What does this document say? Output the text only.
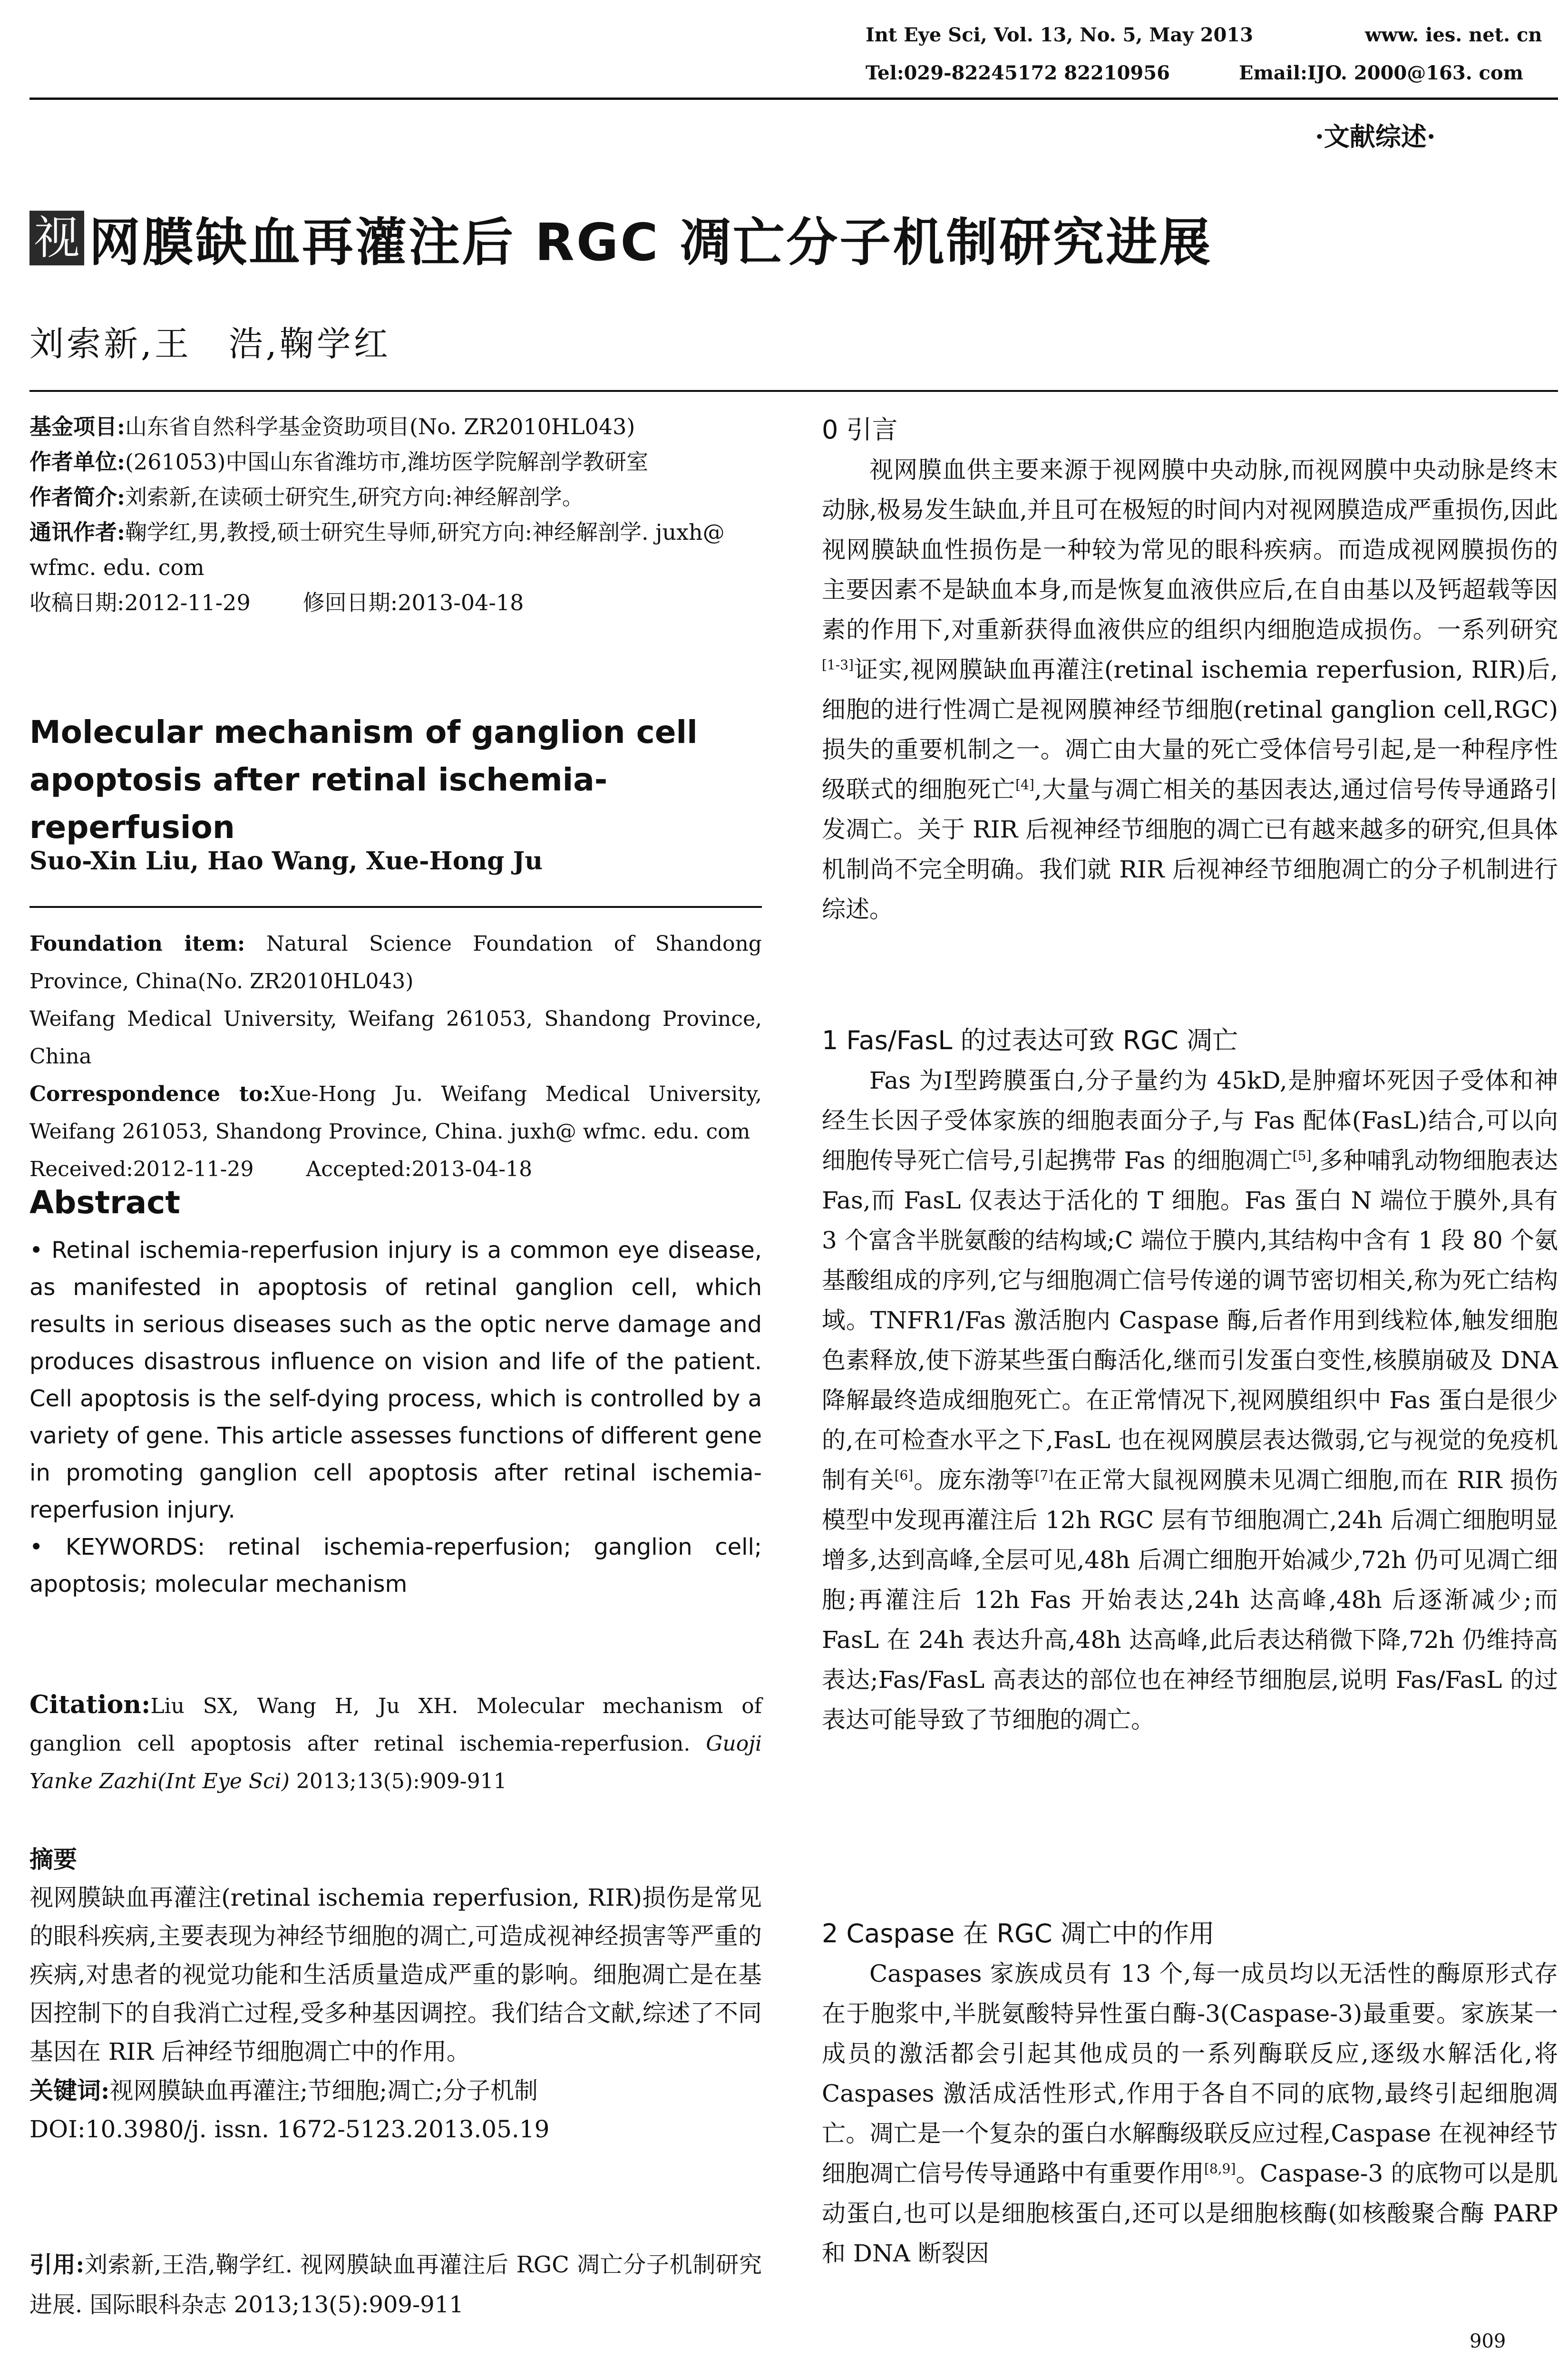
Int Eye Sci, Vol. 13, No. 5, May 2013	www. ies. net. cn
Tel:029-82245172 82210956	Email:IJO. 2000@163. com
·文献综述·
视 网膜缺血再灌注后 RGC 凋亡分子机制研究进展
刘索新,王　浩,鞠学红

基金项目:山东省自然科学基金资助项目(No. ZR2010HL043)

作者单位:(261053)中国山东省潍坊市,潍坊医学院解剖学教研室

作者简介:刘索新,在读硕士研究生,研究方向:神经解剖学。

通讯作者:鞠学红,男,教授,硕士研究生导师,研究方向:神经解剖学. juxh@ wfmc. edu. com

收稿日期:2012-11-29 修回日期:2013-04-18

Molecular mechanism of ganglion cell apoptosis after retinal ischemia-reperfusion
Suo-Xin Liu, Hao Wang, Xue-Hong Ju

Foundation item: Natural Science Foundation of Shandong Province, China(No. ZR2010HL043)

Weifang Medical University, Weifang 261053, Shandong Province, China

Correspondence to:Xue-Hong Ju. Weifang Medical University, Weifang 261053, Shandong Province, China. juxh@ wfmc. edu. com

Received:2012-11-29	Accepted:2013-04-18

Abstract

• Retinal ischemia-reperfusion injury is a common eye disease, as manifested in apoptosis of retinal ganglion cell, which results in serious diseases such as the optic nerve damage and produces disastrous influence on vision and life of the patient. Cell apoptosis is the self-dying process, which is controlled by a variety of gene. This article assesses functions of different gene in promoting ganglion cell apoptosis after retinal ischemia-reperfusion injury.

• KEYWORDS: retinal ischemia-reperfusion; ganglion cell; apoptosis; molecular mechanism

Citation:Liu SX, Wang H, Ju XH. Molecular mechanism of ganglion cell apoptosis after retinal ischemia-reperfusion. Guoji Yanke Zazhi(Int Eye Sci) 2013;13(5):909-911
摘要

视网膜缺血再灌注(retinal ischemia reperfusion, RIR)损伤是常见的眼科疾病,主要表现为神经节细胞的凋亡,可造成视神经损害等严重的疾病,对患者的视觉功能和生活质量造成严重的影响。细胞凋亡是在基因控制下的自我消亡过程,受多种基因调控。我们结合文献,综述了不同基因在 RIR 后神经节细胞凋亡中的作用。

关键词:视网膜缺血再灌注;节细胞;凋亡;分子机制

DOI:10.3980/j. issn. 1672-5123.2013.05.19

引用:刘索新,王浩,鞠学红. 视网膜缺血再灌注后 RGC 凋亡分子机制研究进展. 国际眼科杂志 2013;13(5):909-911
0 引言
视网膜血供主要来源于视网膜中央动脉,而视网膜中央动脉是终末动脉,极易发生缺血,并且可在极短的时间内对视网膜造成严重损伤,因此视网膜缺血性损伤是一种较为常见的眼科疾病。而造成视网膜损伤的主要因素不是缺血本身,而是恢复血液供应后,在自由基以及钙超载等因素的作用下,对重新获得血液供应的组织内细胞造成损伤。一系列研究[1-3]证实,视网膜缺血再灌注(retinal ischemia reperfusion, RIR)后,细胞的进行性凋亡是视网膜神经节细胞(retinal ganglion cell,RGC)损失的重要机制之一。凋亡由大量的死亡受体信号引起,是一种程序性级联式的细胞死亡[4],大量与凋亡相关的基因表达,通过信号传导通路引发凋亡。关于 RIR 后视神经节细胞的凋亡已有越来越多的研究,但具体机制尚不完全明确。我们就 RIR 后视神经节细胞凋亡的分子机制进行综述。
1 Fas/FasL 的过表达可致 RGC 凋亡
Fas 为Ⅰ型跨膜蛋白,分子量约为 45kD,是肿瘤坏死因子受体和神经生长因子受体家族的细胞表面分子,与 Fas 配体(FasL)结合,可以向细胞传导死亡信号,引起携带 Fas 的细胞凋亡[5],多种哺乳动物细胞表达 Fas,而 FasL 仅表达于活化的 T 细胞。Fas 蛋白 N 端位于膜外,具有 3 个富含半胱氨酸的结构域;C 端位于膜内,其结构中含有 1 段 80 个氨基酸组成的序列,它与细胞凋亡信号传递的调节密切相关,称为死亡结构域。TNFR1/Fas 激活胞内 Caspase 酶,后者作用到线粒体,触发细胞色素释放,使下游某些蛋白酶活化,继而引发蛋白变性,核膜崩破及 DNA 降解最终造成细胞死亡。在正常情况下,视网膜组织中 Fas 蛋白是很少的,在可检查水平之下,FasL 也在视网膜层表达微弱,它与视觉的免疫机制有关[6]。庞东渤等[7]在正常大鼠视网膜未见凋亡细胞,而在 RIR 损伤模型中发现再灌注后 12h RGC 层有节细胞凋亡,24h 后凋亡细胞明显增多,达到高峰,全层可见,48h 后凋亡细胞开始减少,72h 仍可见凋亡细胞;再灌注后 12h Fas 开始表达,24h 达高峰,48h 后逐渐减少;而 FasL 在 24h 表达升高,48h 达高峰,此后表达稍微下降,72h 仍维持高表达;Fas/FasL 高表达的部位也在神经节细胞层,说明 Fas/FasL 的过表达可能导致了节细胞的凋亡。
2 Caspase 在 RGC 凋亡中的作用
Caspases 家族成员有 13 个,每一成员均以无活性的酶原形式存在于胞浆中,半胱氨酸特异性蛋白酶-3(Caspase-3)最重要。家族某一成员的激活都会引起其他成员的一系列酶联反应,逐级水解活化,将 Caspases 激活成活性形式,作用于各自不同的底物,最终引起细胞凋亡。凋亡是一个复杂的蛋白水解酶级联反应过程,Caspase 在视神经节细胞凋亡信号传导通路中有重要作用[8,9]。Caspase-3 的底物可以是肌动蛋白,也可以是细胞核蛋白,还可以是细胞核酶(如核酸聚合酶 PARP 和 DNA 断裂因
909
